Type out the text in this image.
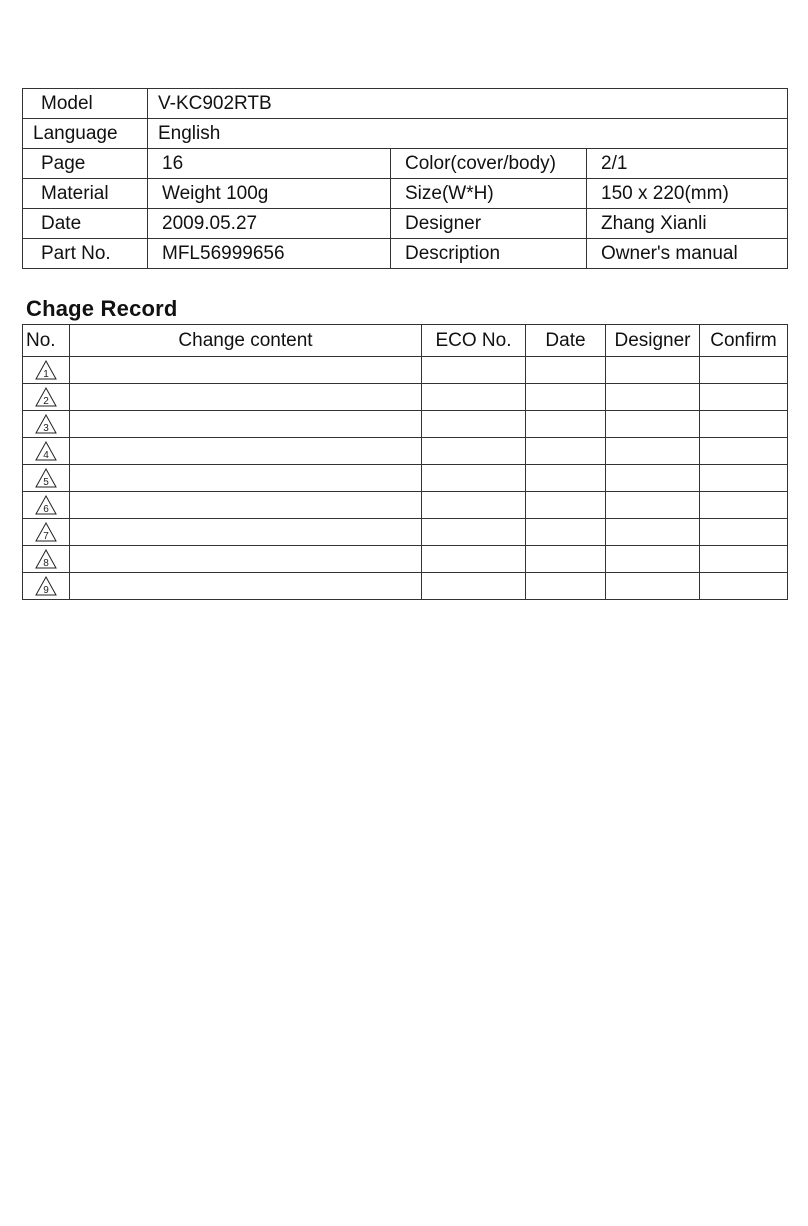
Model	V-KC902RTB		
Language	English		
Page	16	Color(cover/body)	2/1
Material	Weight 100g	Size(W*H)	150 x 220(mm)
Date	2009.05.27	Designer	Zhang Xianli
Part No.	MFL56999656	Description	Owner's manual
Chage Record
No.	Change content	ECO No.	Date	Designer	Confirm

1					

2					

3					

4					

5					

6					

7					

8					

9					
